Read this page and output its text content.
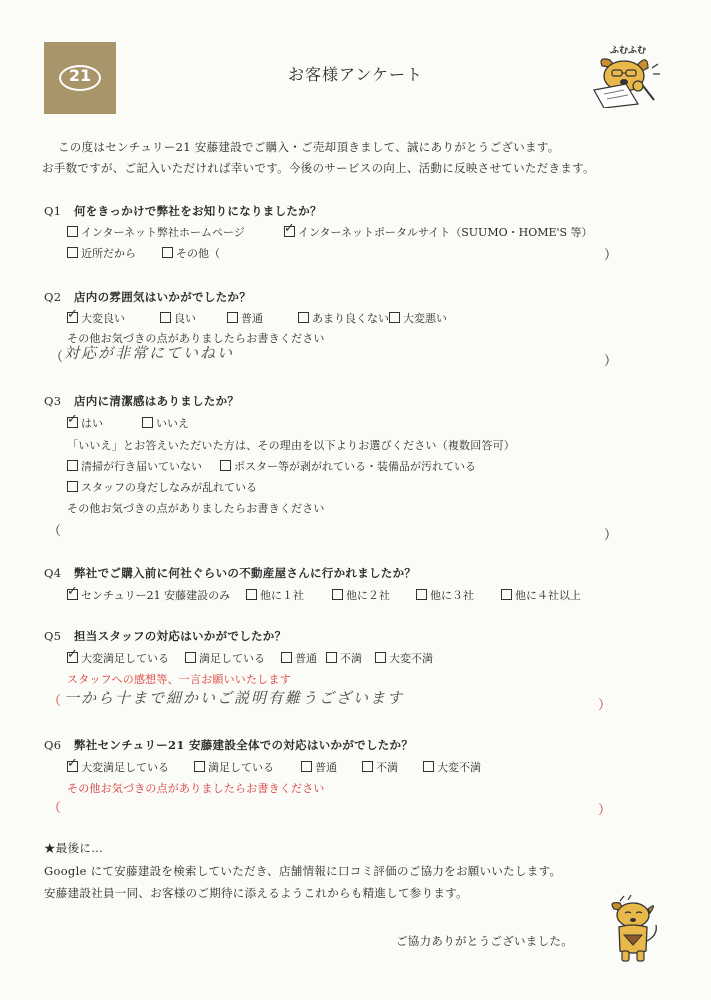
21	お客様アンケート
ふむふむ
この度はセンチュリー21 安藤建設でご購入・ご売却頂きまして、誠にありがとうございます。
お手数ですが、ご記入いただければ幸いです。今後のサービスの向上、活動に反映させていただきます。
Q1 何をきっかけで弊社をお知りになりましたか？
インターネット弊社ホームページ	✓ インターネットポータルサイト（SUUMO・HOME'S 等）
近所だから	その他（	）
Q2 店内の雰囲気はいかがでしたか？
✓ 大変良い	良い	普通	あまり良くない	大変悪い
その他お気づきの点がありましたらお書きください
（ 対応が非常にていねい	）
Q3 店内に清潔感はありましたか？
✓ はい	いいえ
「いいえ」とお答えいただいた方は、その理由を以下よりお選びください（複数回答可）
清掃が行き届いていない	ポスター等が剥がれている・装備品が汚れている
スタッフの身だしなみが乱れている
その他お気づきの点がありましたらお書きください
（	）
Q4 弊社でご購入前に何社ぐらいの不動産屋さんに行かれましたか？
✓ センチュリー21 安藤建設のみ	他に１社	他に２社	他に３社	他に４社以上
Q5 担当スタッフの対応はいかがでしたか？
✓ 大変満足している	満足している	普通	不満	大変不満
スタッフへの感想等、一言お願いいたします
（ 一から十まで細かいご説明有難うございます	）
Q6 弊社センチュリー21 安藤建設全体での対応はいかがでしたか？
✓ 大変満足している	満足している	普通	不満	大変不満
その他お気づきの点がありましたらお書きください
（	）
★最後に…
Google にて安藤建設を検索していただき、店舗情報に口コミ評価のご協力をお願いいたします。
安藤建設社員一同、お客様のご期待に添えるようこれからも精進して参ります。
ご協力ありがとうございました。
